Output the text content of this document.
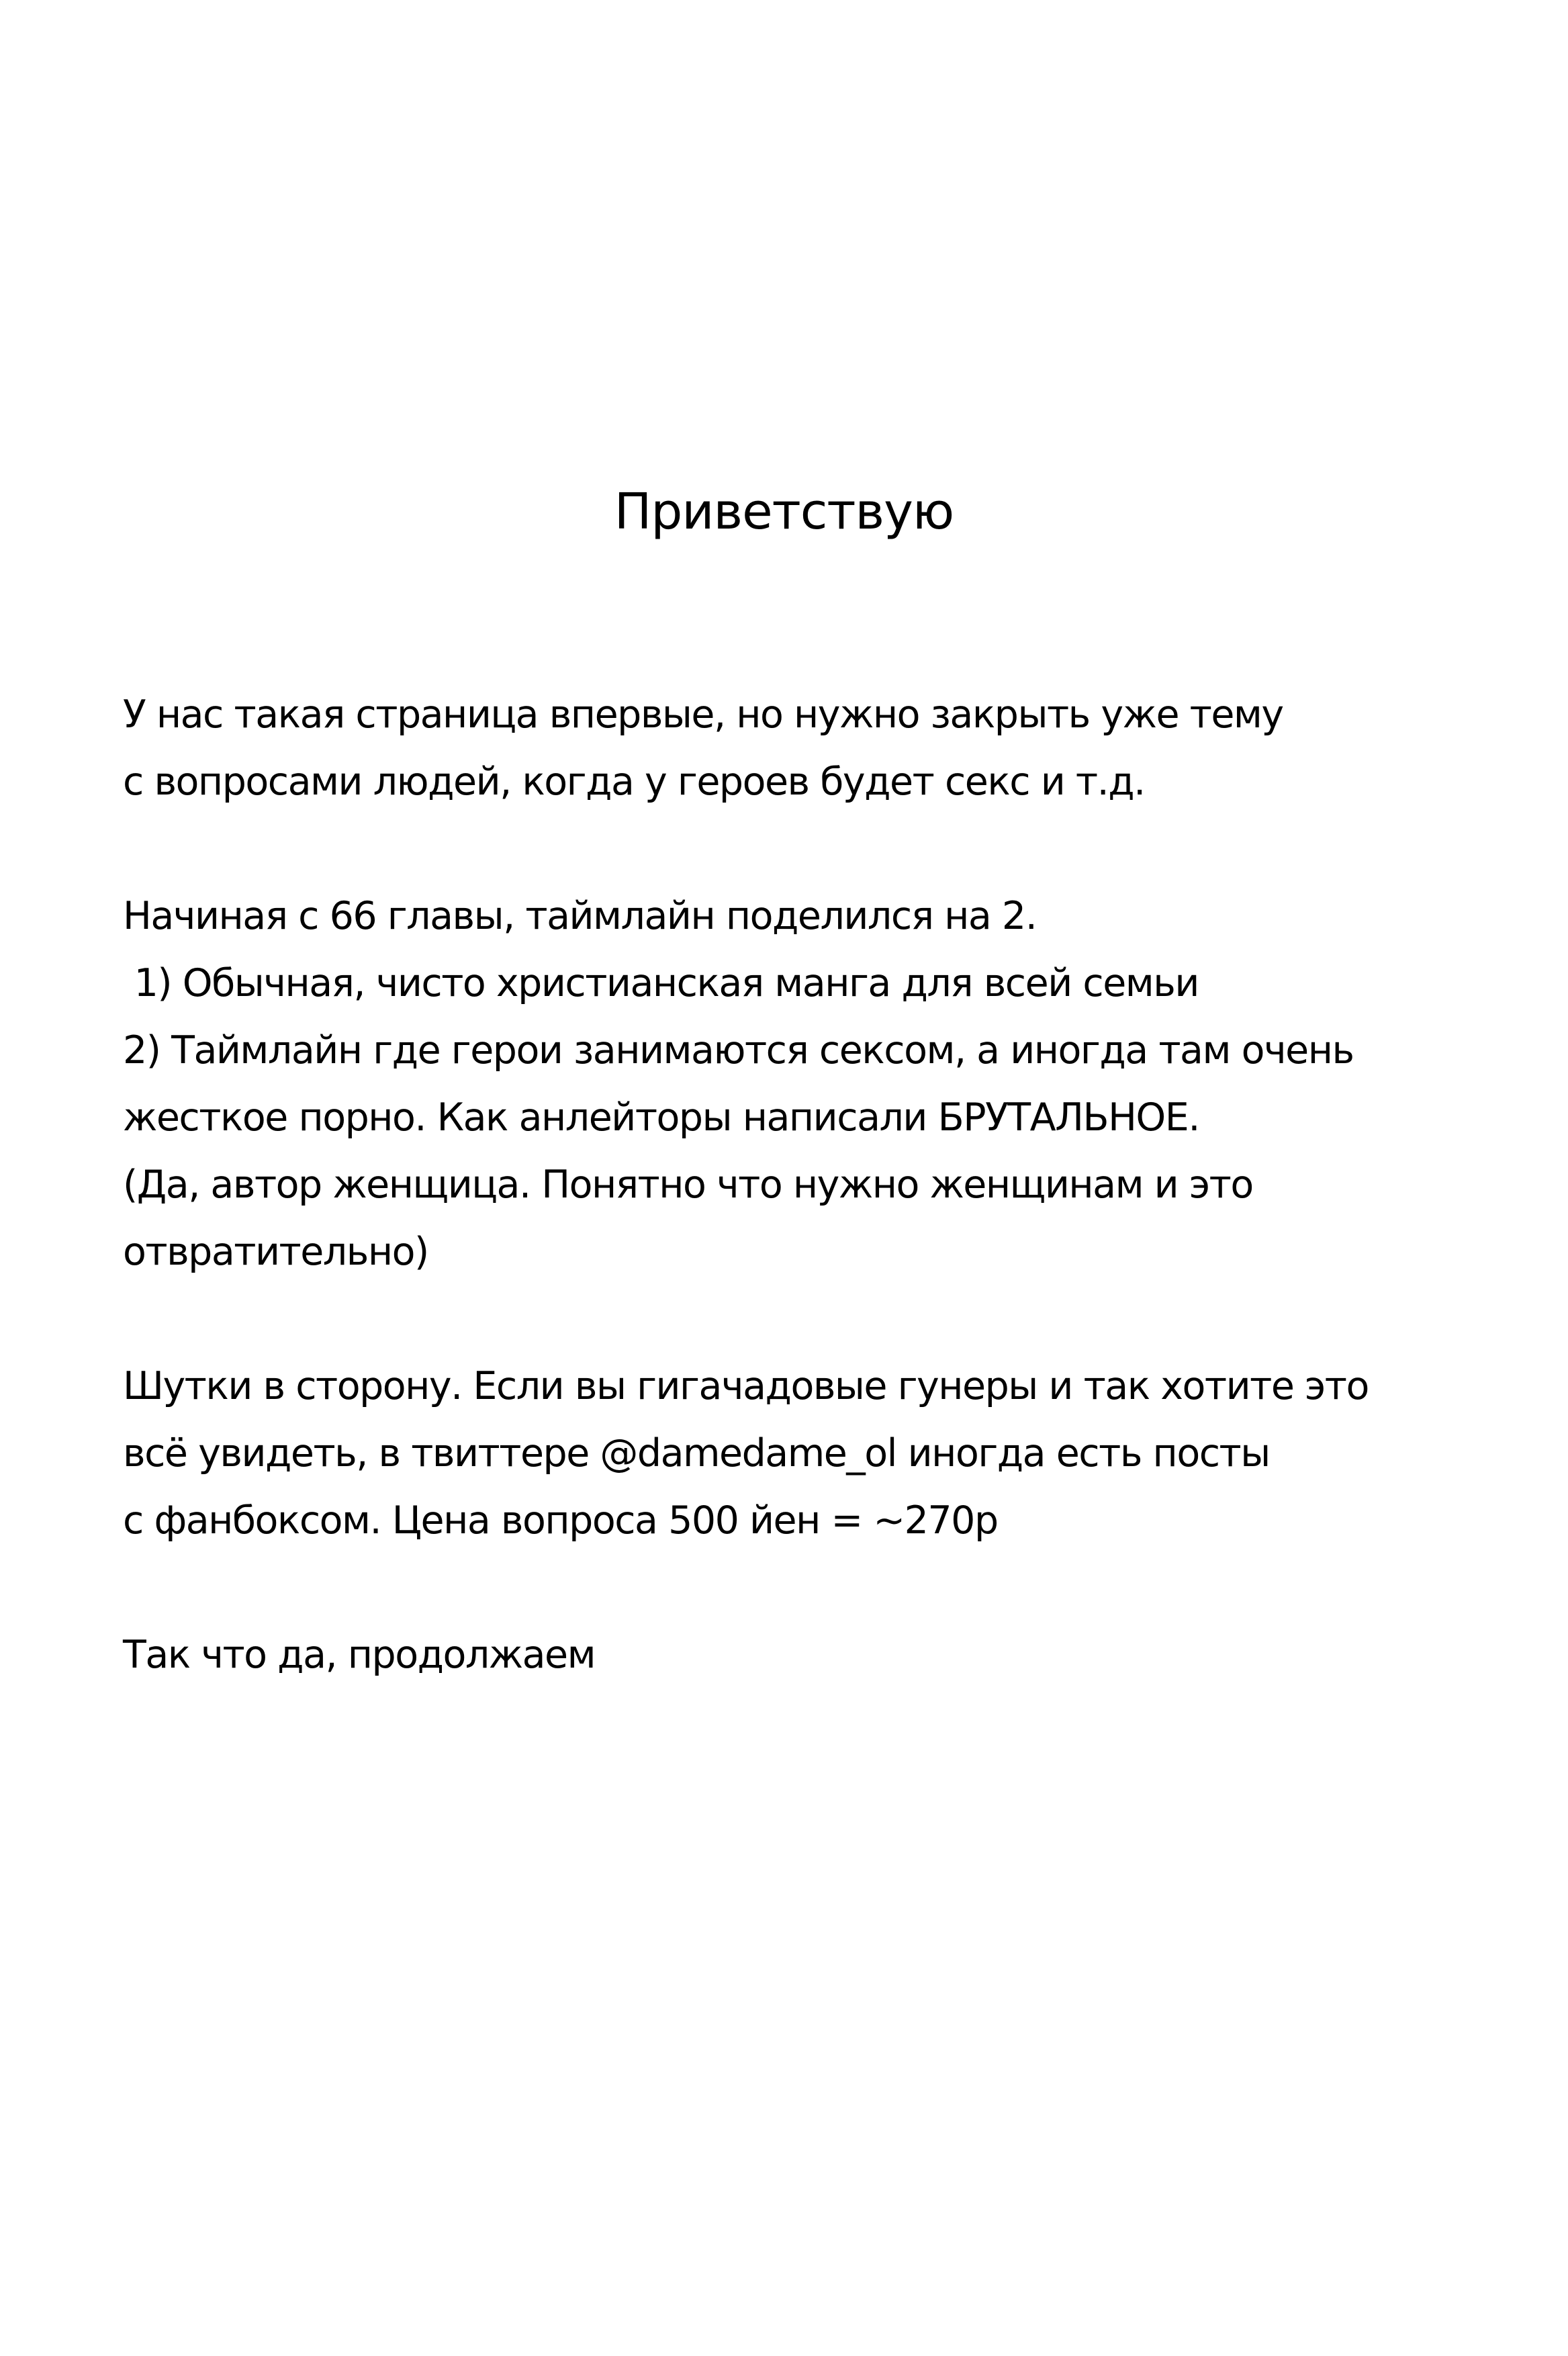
Приветствую

У нас такая страница впервые, но нужно закрыть уже тему
с вопросами людей, когда у героев будет секс и т.д.

Начиная с 66 главы, таймлайн поделился на 2.
1) Обычная, чисто христианская манга для всей семьи
2) Таймлайн где герои занимаются сексом, а иногда там очень
жесткое порно. Как анлейторы написали БРУТАЛЬНОЕ.
(Да, автор женщица. Понятно что нужно женщинам и это
отвратительно)

Шутки в сторону. Если вы гигачадовые гунеры и так хотите это
всё увидеть, в твиттере @damedame_ol иногда есть посты
с фанбоксом. Цена вопроса 500 йен = ~270р

Так что да, продолжаем
